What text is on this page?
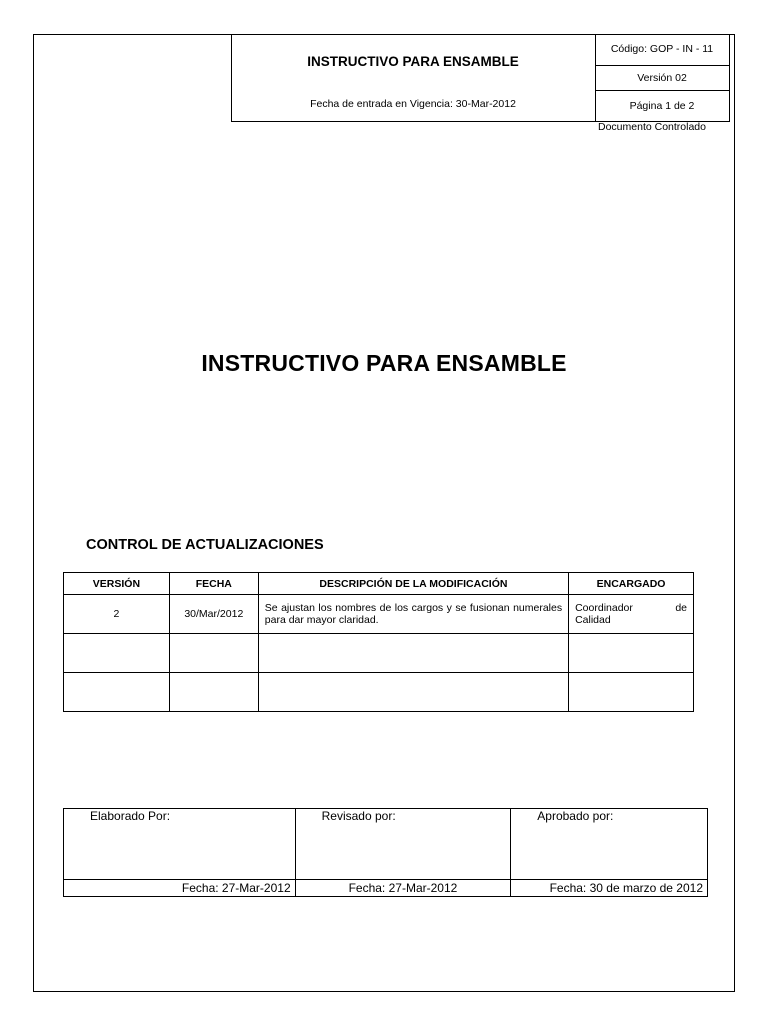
INSTRUCTIVO PARA ENSAMBLE
Fecha de entrada en Vigencia: 30-Mar-2012
Código: GOP - IN - 11
Versión 02
Página 1 de 2
Documento Controlado
INSTRUCTIVO PARA ENSAMBLE
CONTROL DE ACTUALIZACIONES
VERSIÓN	FECHA	DESCRIPCIÓN DE LA MODIFICACIÓN	ENCARGADO
2	30/Mar/2012	Se ajustan los nombres de los cargos y se fusionan numerales para dar mayor claridad.	Coordinador de
Calidad

Elaborado Por:	Revisado por:	Aprobado por:

Fecha: 27-Mar-2012	Fecha: 27-Mar-2012	Fecha: 30 de marzo de 2012
